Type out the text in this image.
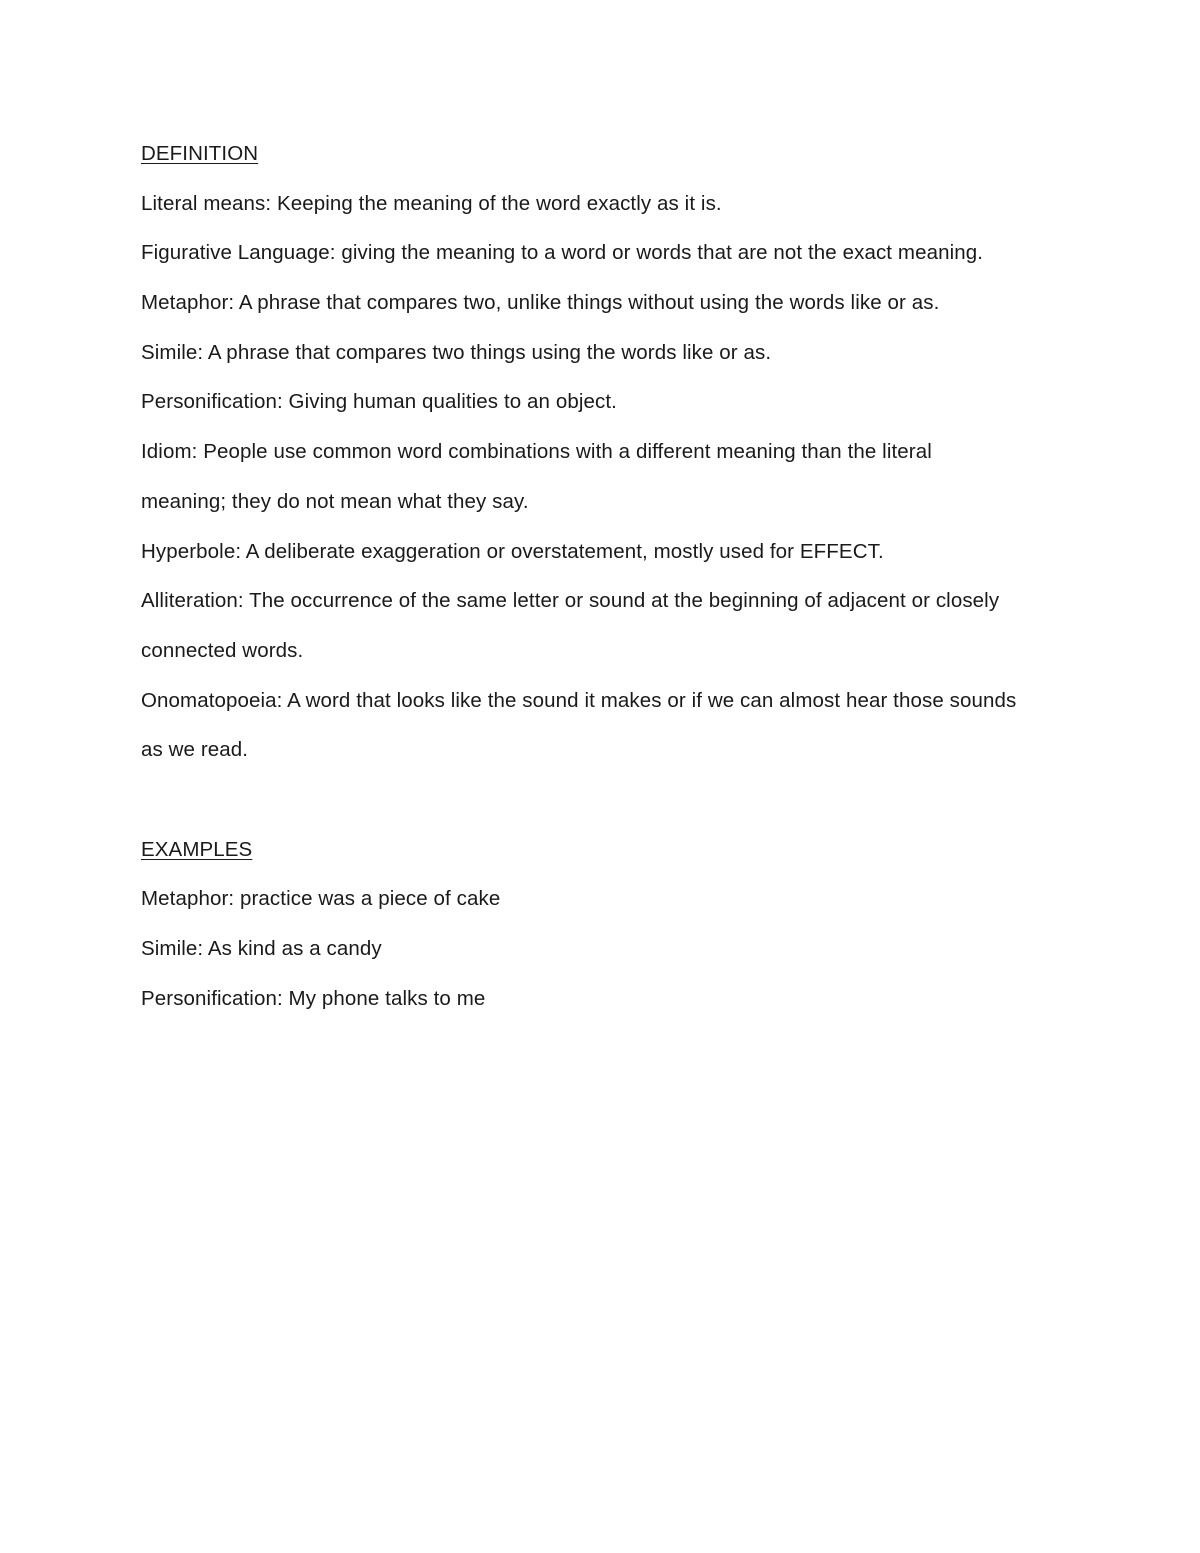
DEFINITION
Literal means: Keeping the meaning of the word exactly as it is.
Figurative Language: giving the meaning to a word or words that are not the exact meaning.
Metaphor: A phrase that compares two, unlike things without using the words like or as.
Simile: A phrase that compares two things using the words like or as.
Personification: Giving human qualities to an object.
Idiom: People use common word combinations with a different meaning than the literal
meaning; they do not mean what they say.
Hyperbole: A deliberate exaggeration or overstatement, mostly used for EFFECT.
Alliteration: The occurrence of the same letter or sound at the beginning of adjacent or closely
connected words.
Onomatopoeia: A word that looks like the sound it makes or if we can almost hear those sounds
as we read.
EXAMPLES
Metaphor: practice was a piece of cake
Simile: As kind as a candy
Personification: My phone talks to me
